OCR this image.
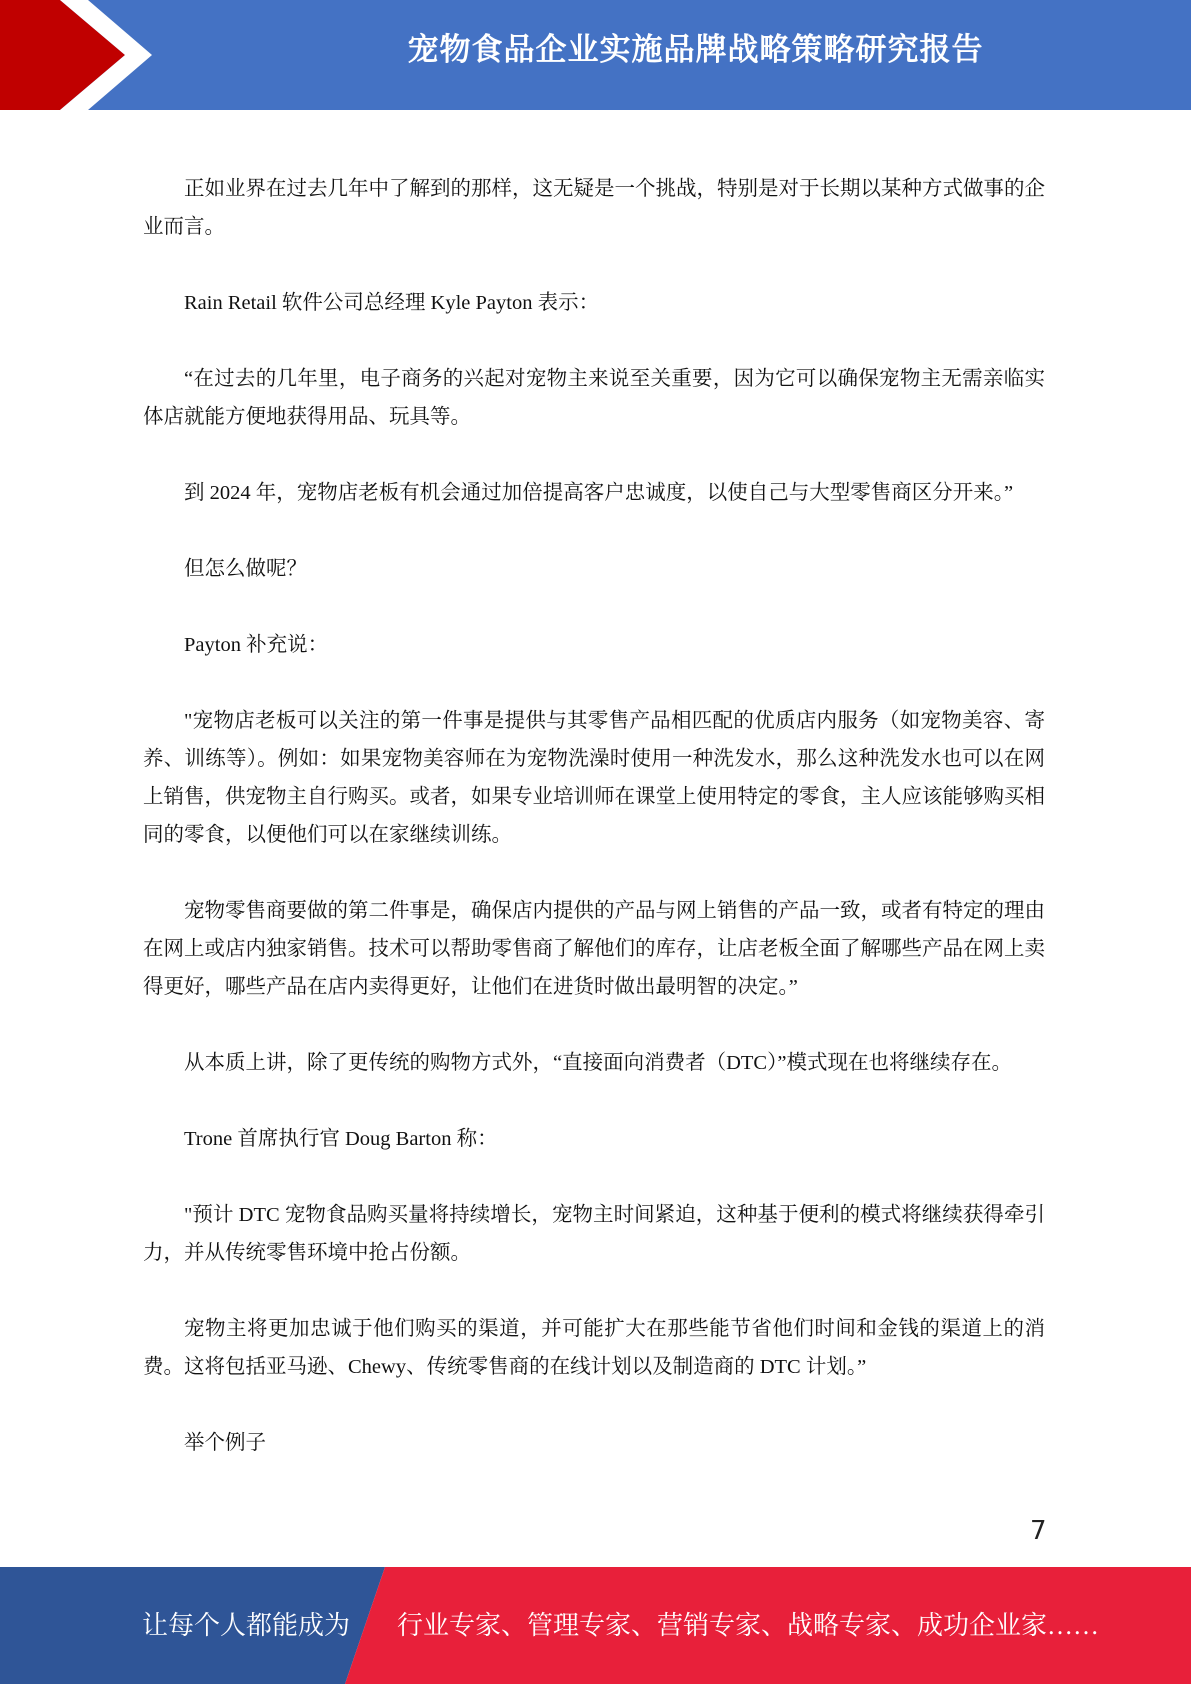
宠物食品企业实施品牌战略策略研究报告

正如业界在过去几年中了解到的那样，这无疑是一个挑战，特别是对于长期以某种方式做事的企业而言。

Rain Retail 软件公司总经理 Kyle Payton 表示：

“在过去的几年里，电子商务的兴起对宠物主来说至关重要，因为它可以确保宠物主无需亲临实体店就能方便地获得用品、玩具等。

到 2024 年，宠物店老板有机会通过加倍提高客户忠诚度，以使自己与大型零售商区分开来。”

但怎么做呢？

Payton 补充说：

"宠物店老板可以关注的第一件事是提供与其零售产品相匹配的优质店内服务（如宠物美容、寄养、训练等）。例如：如果宠物美容师在为宠物洗澡时使用一种洗发水，那么这种洗发水也可以在网上销售，供宠物主自行购买。或者，如果专业培训师在课堂上使用特定的零食，主人应该能够购买相同的零食，以便他们可以在家继续训练。

宠物零售商要做的第二件事是，确保店内提供的产品与网上销售的产品一致，或者有特定的理由在网上或店内独家销售。技术可以帮助零售商了解他们的库存，让店老板全面了解哪些产品在网上卖得更好，哪些产品在店内卖得更好，让他们在进货时做出最明智的决定。”

从本质上讲，除了更传统的购物方式外，“直接面向消费者（DTC）”模式现在也将继续存在。

Trone 首席执行官 Doug Barton 称：

"预计 DTC 宠物食品购买量将持续增长，宠物主时间紧迫，这种基于便利的模式将继续获得牵引力，并从传统零售环境中抢占份额。

宠物主将更加忠诚于他们购买的渠道，并可能扩大在那些能节省他们时间和金钱的渠道上的消费。这将包括亚马逊、Chewy、传统零售商的在线计划以及制造商的 DTC 计划。”

举个例子

7
让每个人都能成为 行业专家、管理专家、营销专家、战略专家、成功企业家……
